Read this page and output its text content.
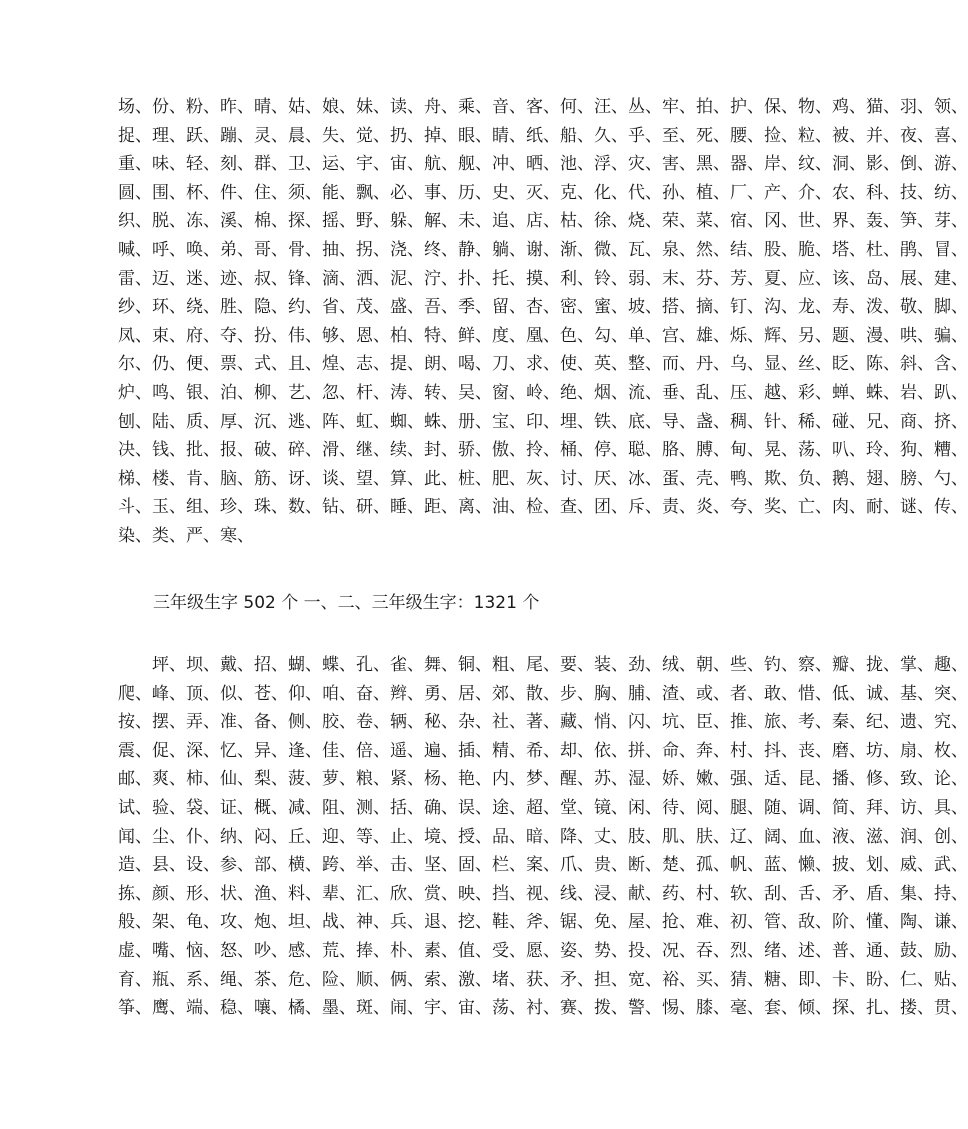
场、份、粉、昨、晴、姑、娘、妹、读、舟、乘、音、客、何、汪、丛、牢、拍、护、保、物、鸡、猫、羽、领、
捉、理、跃、蹦、灵、晨、失、觉、扔、掉、眼、睛、纸、船、久、乎、至、死、腰、捡、粒、被、并、夜、喜、
重、味、轻、刻、群、卫、运、宇、宙、航、舰、冲、晒、池、浮、灾、害、黑、器、岸、纹、洞、影、倒、游、
圆、围、杯、件、住、须、能、飘、必、事、历、史、灭、克、化、代、孙、植、厂、产、介、农、科、技、纺、
织、脱、冻、溪、棉、探、摇、野、躲、解、未、追、店、枯、徐、烧、荣、菜、宿、冈、世、界、轰、笋、芽、
喊、呼、唤、弟、哥、骨、抽、拐、浇、终、静、躺、谢、渐、微、瓦、泉、然、结、股、脆、塔、杜、鹃、冒、
雷、迈、迷、迹、叔、锋、滴、洒、泥、泞、扑、托、摸、利、铃、弱、末、芬、芳、夏、应、该、岛、展、建、
纱、环、绕、胜、隐、约、省、茂、盛、吾、季、留、杏、密、蜜、坡、搭、摘、钉、沟、龙、寿、泼、敬、脚、
凤、束、府、夺、扮、伟、够、恩、柏、特、鲜、度、凰、色、勾、单、宫、雄、烁、辉、另、题、漫、哄、骗、
尔、仍、便、票、式、且、煌、志、提、朗、喝、刀、求、使、英、整、而、丹、乌、显、丝、眨、陈、斜、含、
炉、鸣、银、泊、柳、艺、忽、杆、涛、转、吴、窗、岭、绝、烟、流、垂、乱、压、越、彩、蝉、蛛、岩、趴、
刨、陆、质、厚、沉、逃、阵、虹、蜘、蛛、册、宝、印、埋、铁、底、导、盏、稠、针、稀、碰、兄、商、挤、
决、钱、批、报、破、碎、滑、继、续、封、骄、傲、拎、桶、停、聪、胳、膊、甸、晃、荡、叭、玲、狗、糟、
梯、楼、肯、脑、筋、讶、谈、望、算、此、桩、肥、灰、讨、厌、冰、蛋、壳、鸭、欺、负、鹅、翅、膀、勺、
斗、玉、组、珍、珠、数、钻、研、睡、距、离、油、检、查、团、斥、责、炎、夸、奖、亡、肉、耐、谜、传、
染、类、严、寒、
三年级生字 502 个 一、二、三年级生字：1321 个
坪、坝、戴、招、蝴、蝶、孔、雀、舞、铜、粗、尾、要、装、劲、绒、朝、些、钓、察、瓣、拢、掌、趣、
爬、峰、顶、似、苍、仰、咱、奋、辫、勇、居、郊、散、步、胸、脯、渣、或、者、敢、惜、低、诚、基、突、
按、摆、弄、准、备、侧、胶、卷、辆、秘、杂、社、著、藏、悄、闪、坑、臣、推、旅、考、秦、纪、遗、究、
震、促、深、忆、异、逢、佳、倍、遥、遍、插、精、希、却、依、拼、命、奔、村、抖、丧、磨、坊、扇、枚、
邮、爽、柿、仙、梨、菠、萝、粮、紧、杨、艳、内、梦、醒、苏、湿、娇、嫩、强、适、昆、播、修、致、论、
试、验、袋、证、概、减、阻、测、括、确、误、途、超、堂、镜、闲、待、阅、腿、随、调、简、拜、访、具、
闻、尘、仆、纳、闷、丘、迎、等、止、境、授、品、暗、降、丈、肢、肌、肤、辽、阔、血、液、滋、润、创、
造、县、设、参、部、横、跨、举、击、坚、固、栏、案、爪、贵、断、楚、孤、帆、蓝、懒、披、划、威、武、
拣、颜、形、状、渔、料、辈、汇、欣、赏、映、挡、视、线、浸、献、药、村、软、刮、舌、矛、盾、集、持、
般、架、龟、攻、炮、坦、战、神、兵、退、挖、鞋、斧、锯、免、屋、抢、难、初、管、敌、阶、懂、陶、谦、
虚、嘴、恼、怒、吵、感、荒、捧、朴、素、值、受、愿、姿、势、投、况、吞、烈、绪、述、普、通、鼓、励、
育、瓶、系、绳、茶、危、险、顺、俩、索、激、堵、获、矛、担、宽、裕、买、猜、糖、即、卡、盼、仁、贴、
筝、鹰、端、稳、嚷、橘、墨、斑、闹、宇、宙、荡、衬、赛、拨、警、惕、膝、毫、套、倾、探、扎、搂、贯、
